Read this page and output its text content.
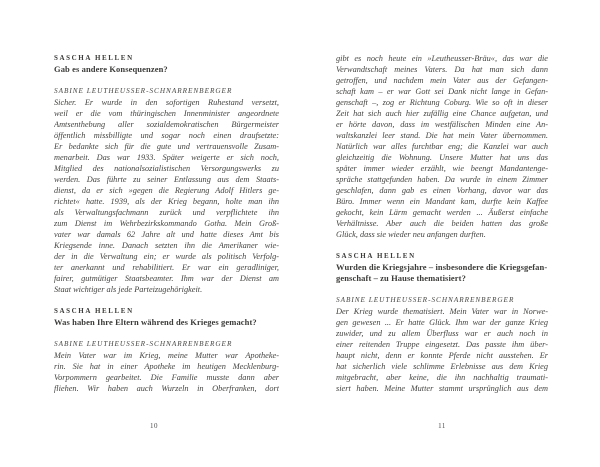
SASCHA HELLEN
Gab es andere Konsequenzen?
SABINE LEUTHEUSSER-SCHNARRENBERGER
Sicher. Er wurde in den sofortigen Ruhestand versetzt,
weil er die vom thüringischen Innenminister angeordnete
Amtsenthebung aller sozialdemokratischen Bürgermeister
öffentlich missbilligte und sogar noch einen draufsetzte:
Er bedankte sich für die gute und vertrauensvolle Zusam-
menarbeit. Das war 1933. Später weigerte er sich noch,
Mitglied des nationalsozialistischen Versorgungswerks zu
werden. Das führte zu seiner Entlassung aus dem Staats-
dienst, da er sich »gegen die Regierung Adolf Hitlers ge-
richtet« hatte. 1939, als der Krieg begann, holte man ihn
als Verwaltungsfachmann zurück und verpflichtete ihn
zum Dienst im Wehrbezirkskommando Gotha. Mein Groß-
vater war damals 62 Jahre alt und hatte dieses Amt bis
Kriegsende inne. Danach setzten ihn die Amerikaner wie-
der in die Verwaltung ein; er wurde als politisch Verfolg-
ter anerkannt und rehabilitiert. Er war ein geradliniger,
fairer, gutmütiger Staatsbeamter. Ihm war der Dienst am
Staat wichtiger als jede Parteizugehörigkeit.
SASCHA HELLEN
Was haben Ihre Eltern während des Krieges gemacht?
SABINE LEUTHEUSSER-SCHNARRENBERGER
Mein Vater war im Krieg, meine Mutter war Apotheke-
rin. Sie hat in einer Apotheke im heutigen Mecklenburg-
Vorpommern gearbeitet. Die Familie musste dann aber
fliehen. Wir haben auch Wurzeln in Oberfranken, dort
gibt es noch heute ein »Leutheusser-Bräu«, das war die
Verwandtschaft meines Vaters. Da hat man sich dann
getroffen, und nachdem mein Vater aus der Gefangen-
schaft kam – er war Gott sei Dank nicht lange in Gefan-
genschaft –, zog er Richtung Coburg. Wie so oft in dieser
Zeit hat sich auch hier zufällig eine Chance aufgetan, und
er hörte davon, dass im westfälischen Minden eine An-
waltskanzlei leer stand. Die hat mein Vater übernommen.
Natürlich war alles furchtbar eng; die Kanzlei war auch
gleichzeitig die Wohnung. Unsere Mutter hat uns das
später immer wieder erzählt, wie beengt Mandantenge-
spräche stattgefunden haben. Da wurde in einem Zimmer
geschlafen, dann gab es einen Vorhang, davor war das
Büro. Immer wenn ein Mandant kam, durfte kein Kaffee
gekocht, kein Lärm gemacht werden ... Äußerst einfache
Verhältnisse. Aber auch die beiden hatten das große
Glück, dass sie wieder neu anfangen durften.
SASCHA HELLEN
Wurden die Kriegsjahre – insbesondere die Kriegsgefan-
genschaft – zu Hause thematisiert?
SABINE LEUTHEUSSER-SCHNARRENBERGER
Der Krieg wurde thematisiert. Mein Vater war in Norwe-
gen gewesen ... Er hatte Glück. Ihm war der ganze Krieg
zuwider, und zu allem Überfluss war er auch noch in
einer reitenden Truppe eingesetzt. Das passte ihm über-
haupt nicht, denn er konnte Pferde nicht ausstehen. Er
hat sicherlich viele schlimme Erlebnisse aus dem Krieg
mitgebracht, aber keine, die ihn nachhaltig traumati-
siert haben. Meine Mutter stammt ursprünglich aus dem
10	11
